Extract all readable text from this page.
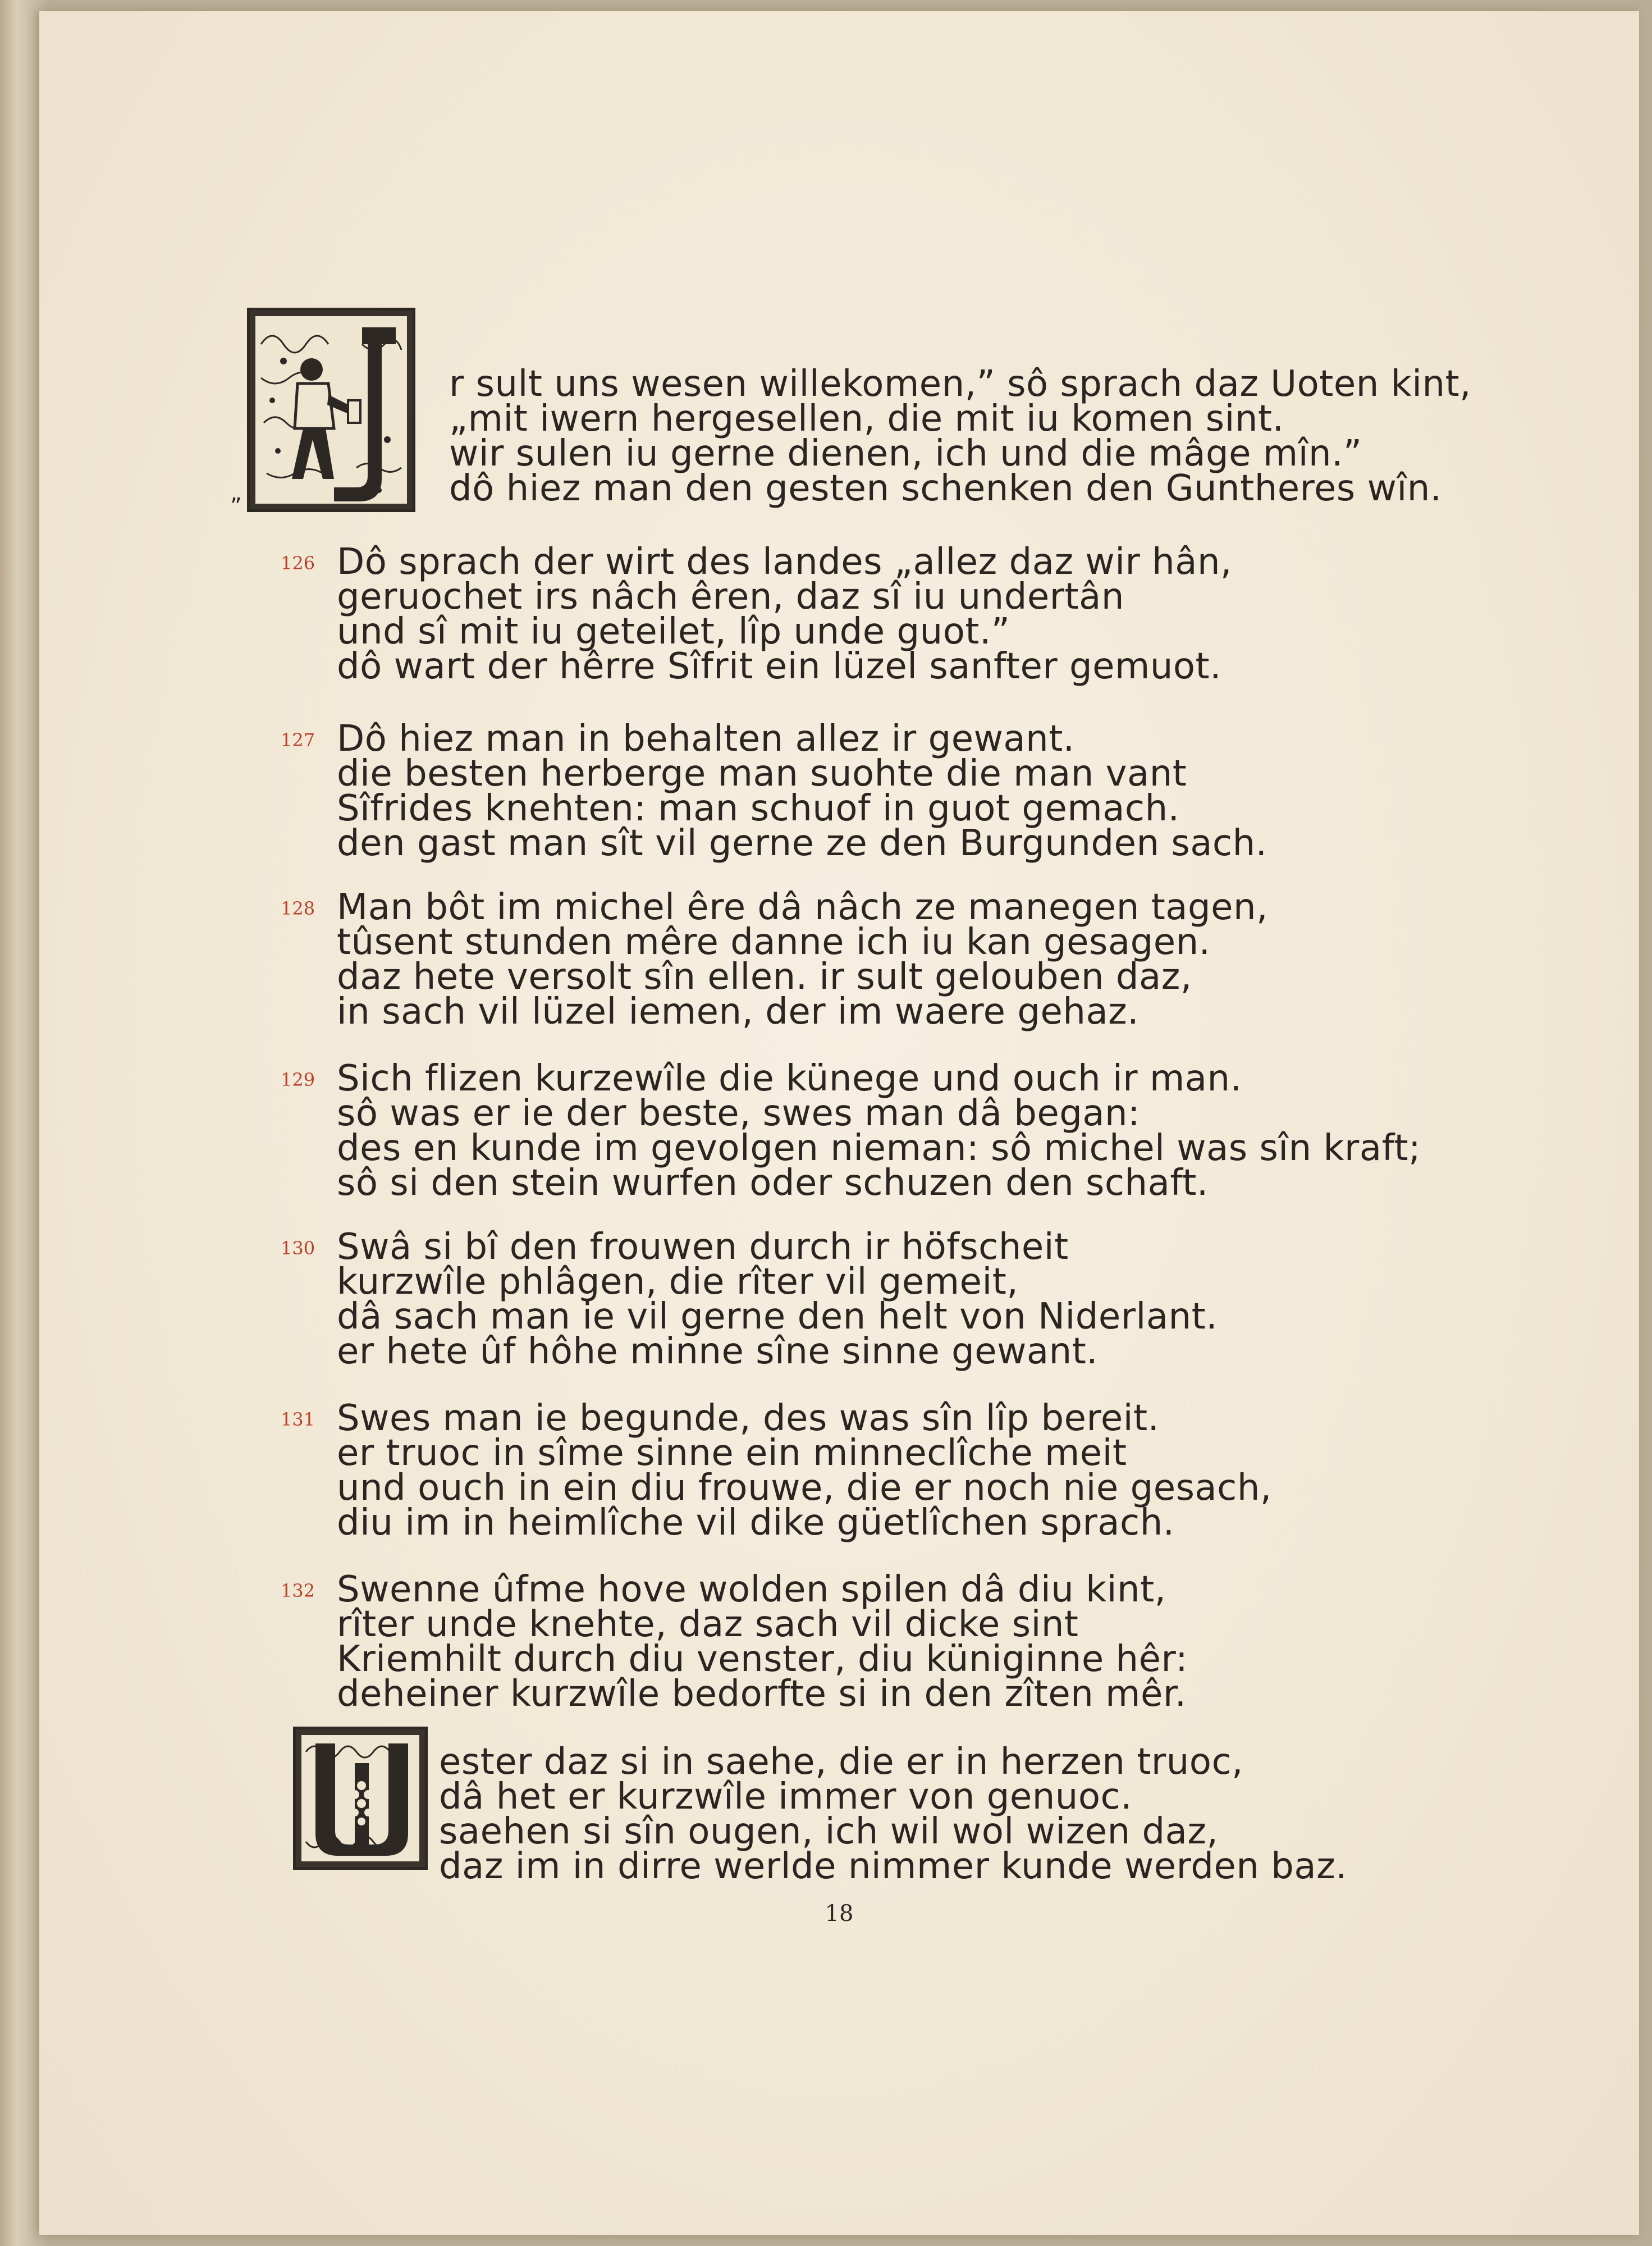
„
18
r sult uns wesen willekomen,” sô sprach daz Uoten kint,
„mit iwern hergesellen, die mit iu komen sint.
wir sulen iu gerne dienen, ich und die mâge mîn.”
dô hiez man den gesten schenken den Guntheres wîn.
126 Dô sprach der wirt des landes „allez daz wir hân,
geruochet irs nâch êren, daz sî iu undertân
und sî mit iu geteilet, lîp unde guot.”
dô wart der hêrre Sîfrit ein lüzel sanfter gemuot.
127 Dô hiez man in behalten allez ir gewant.
die besten herberge man suohte die man vant
Sîfrides knehten: man schuof in guot gemach.
den gast man sît vil gerne ze den Burgunden sach.
128 Man bôt im michel êre dâ nâch ze manegen tagen,
tûsent stunden mêre danne ich iu kan gesagen.
daz hete versolt sîn ellen. ir sult gelouben daz,
in sach vil lüzel iemen, der im waere gehaz.
129 Sich flizen kurzewîle die künege und ouch ir man.
sô was er ie der beste, swes man dâ began:
des en kunde im gevolgen nieman: sô michel was sîn kraft;
sô si den stein wurfen oder schuzen den schaft.
130 Swâ si bî den frouwen durch ir höfscheit
kurzwîle phlâgen, die rîter vil gemeit,
dâ sach man ie vil gerne den helt von Niderlant.
er hete ûf hôhe minne sîne sinne gewant.
131 Swes man ie begunde, des was sîn lîp bereit.
er truoc in sîme sinne ein minneclîche meit
und ouch in ein diu frouwe, die er noch nie gesach,
diu im in heimlîche vil dike güetlîchen sprach.
132 Swenne ûfme hove wolden spilen dâ diu kint,
rîter unde knehte, daz sach vil dicke sint
Kriemhilt durch diu venster, diu küniginne hêr:
deheiner kurzwîle bedorfte si in den zîten mêr.
ester daz si in saehe, die er in herzen truoc,
dâ het er kurzwîle immer von genuoc.
saehen si sîn ougen, ich wil wol wizen daz,
daz im in dirre werlde nimmer kunde werden baz.
